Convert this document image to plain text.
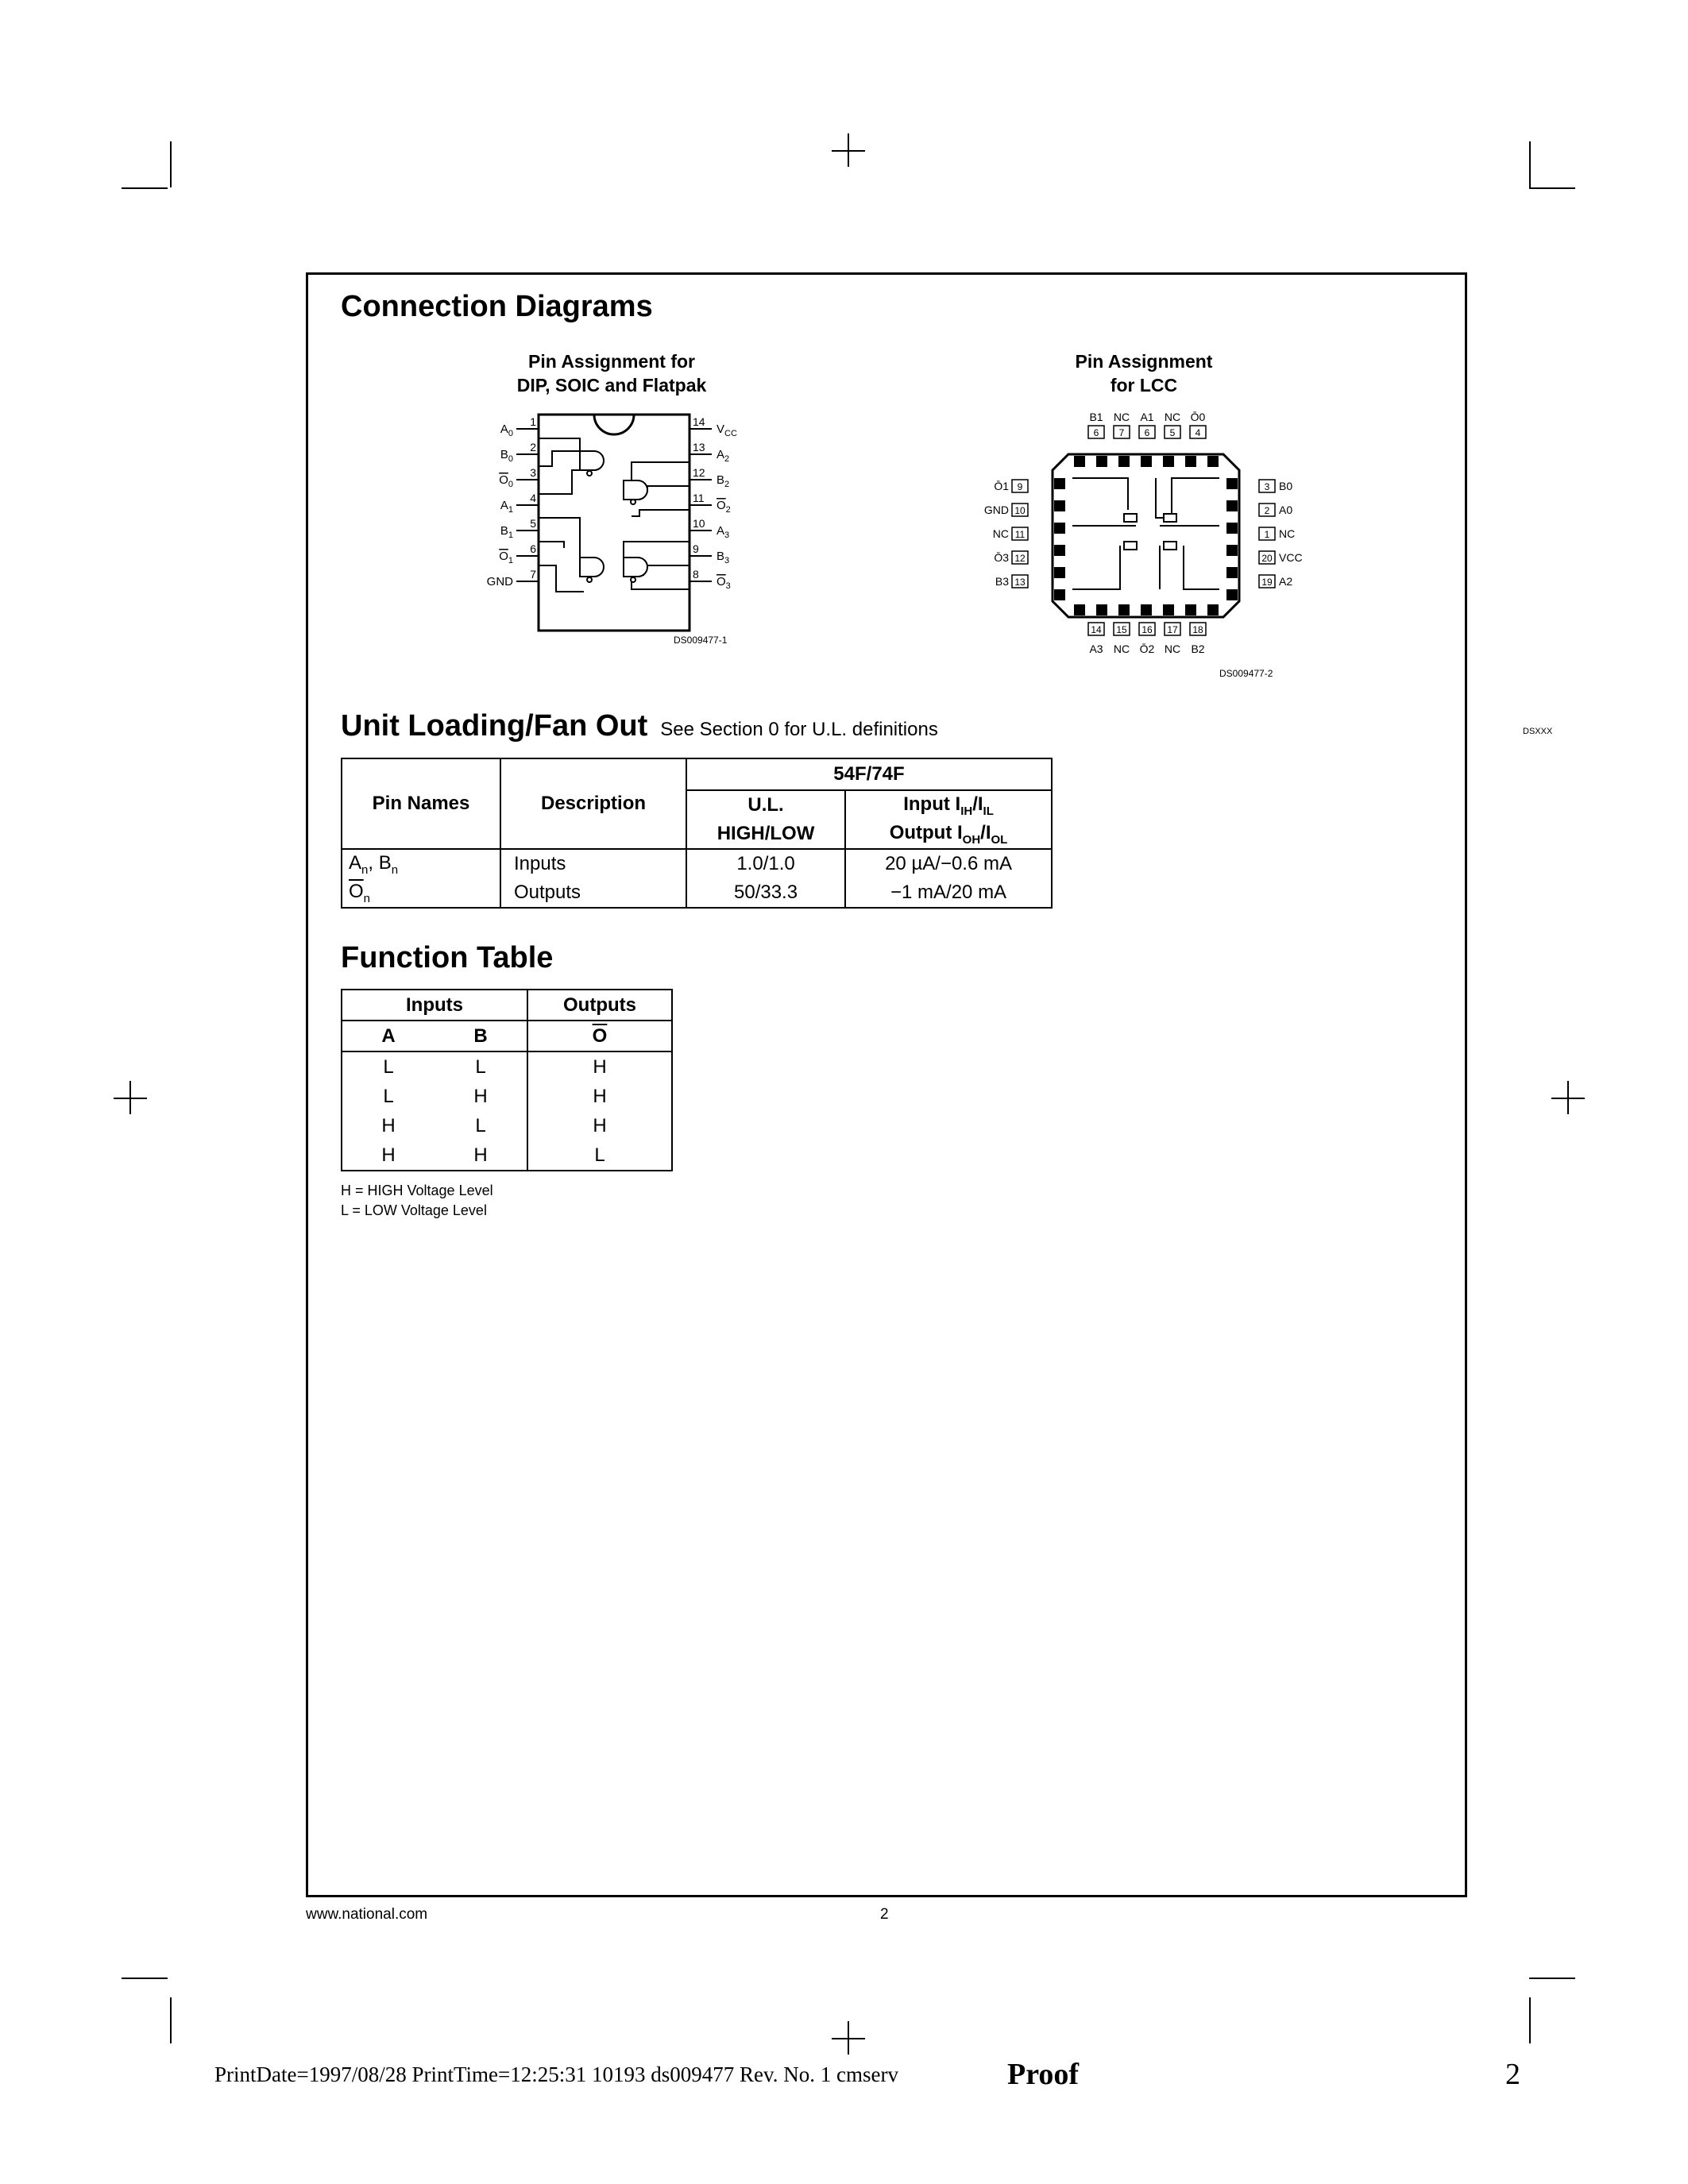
Connection Diagrams
Pin Assignment for
DIP, SOIC and Flatpak
1
$A_0$
2
$B_0$
3
$O_0$
4
$A_1$
5
$B_1$
6
$O_1$
7
GND
14
$V_{CC}$
13
$A_2$
12
$B_2$
11
$O_2$
10
$A_3$
9
$B_3$
8
$O_3$
DS009477-1
Pin Assignment
for LCC
B1
6
NC
7
A1
6
NC
5
Ō0
4
14
A3
15
NC
16
Ō2
17
NC
18
B2
Ō1 9
GND 10
NC 11
Ō3 12
B3 13
3 B0
2 A0
1 NC
20 VCC
19 A2
DS009477-2
DSXXX
Unit Loading/Fan Out See Section 0 for U.L. definitions
Pin Names	Description	54F/74F	
		U.L.	Input $I_{IH}/I_{IL}$
		HIGH/LOW	Output $I_{OH}/I_{OL}$
$A_n$, $B_n$	Inputs	1.0/1.0	20 µA/−0.6 mA
$\overline{O}_n$	Outputs	50/33.3	−1 mA/20 mA
Function Table
Inputs		Outputs
A	B	$\overline{O}$
L	L	H
L	H	H
H	L	H
H	H	L
H = HIGH Voltage Level
L = LOW Voltage Level
www.national.com	2
PrintDate=1997/08/28 PrintTime=12:25:31 10193 ds009477 Rev. No. 1 cmserv	Proof	2
